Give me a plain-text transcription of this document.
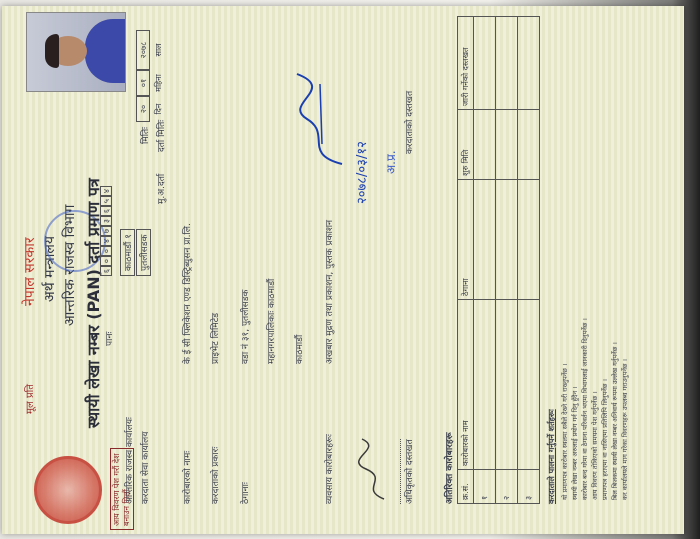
आय विवरण पेश गरौं देश बनाउन मिलौं
नेपाल सरकार अर्थ मन्त्रालय आन्तरिक राजस्व विभाग
मूल प्रति	स्थायी लेखा नम्बर (PAN) दर्ता प्रमाण पत्र पानः
६
०
०
४
७
३
६
५
४
आन्तरिक राजस्व कार्यालयः
काठमाडौं १
करदाता सेवा कार्यालय
पुतलीसडक
मितिः
२०
०१
२०७८
दिन
महिना
साल
मु.अ.दर्ता
दर्ता मितिः
कारोबारको नामः
के ई सी फ्लिकेशन एण्ड डिस्ट्रिब्युसन प्रा.लि.
करदाताको प्रकारः
प्राइभेट लिमिटेड
ठेगानाः
वडा नं ३१, पुतलीसडक	महानगरपालिकाः काठमाडौं	काठमाडौं
व्यवसाय कारोबारहरूः
अखबार मुद्रण तथा प्रकाशन, पुस्तक प्रकाशन
अधिकृतको दस्तखत
२०७८/०३/१२
करदाताको दस्तखत
अ.प्र.
अतिरिक्त कारोबारहरू क्र.सं.	कारोबारको नाम	ठेगाना	शुरु मिति	जारी गर्नेको दस्तखत
१				
२				
३				करदाताले पालना गर्नुपर्ने शर्तहरूः यो प्रमाणपत्र कारोबार स्थलमा सबैले देख्ने गरी राख्नुपर्नेछ । स्थायी लेखा नम्बर अरुलाई प्रयोग गर्न दिनु हुँदैन । कारोबार बन्द गरेमा वा ठेगाना परिवर्तन भएमा विभागलाई जानकारी दिनुपर्नेछ । आय विवरण तोकिएको समयमा पेश गर्नुपर्नेछ । प्रमाणपत्र हराएमा वा नासिएमा प्रतिलिपि लिनुपर्नेछ । बिल बिजकमा स्थायी लेखा नम्बर अनिवार्य रूपमा उल्लेख गर्नुपर्नेछ । कर कार्यालयले माग गरेका विवरणहरू उपलब्ध गराउनुपर्नेछ ।
